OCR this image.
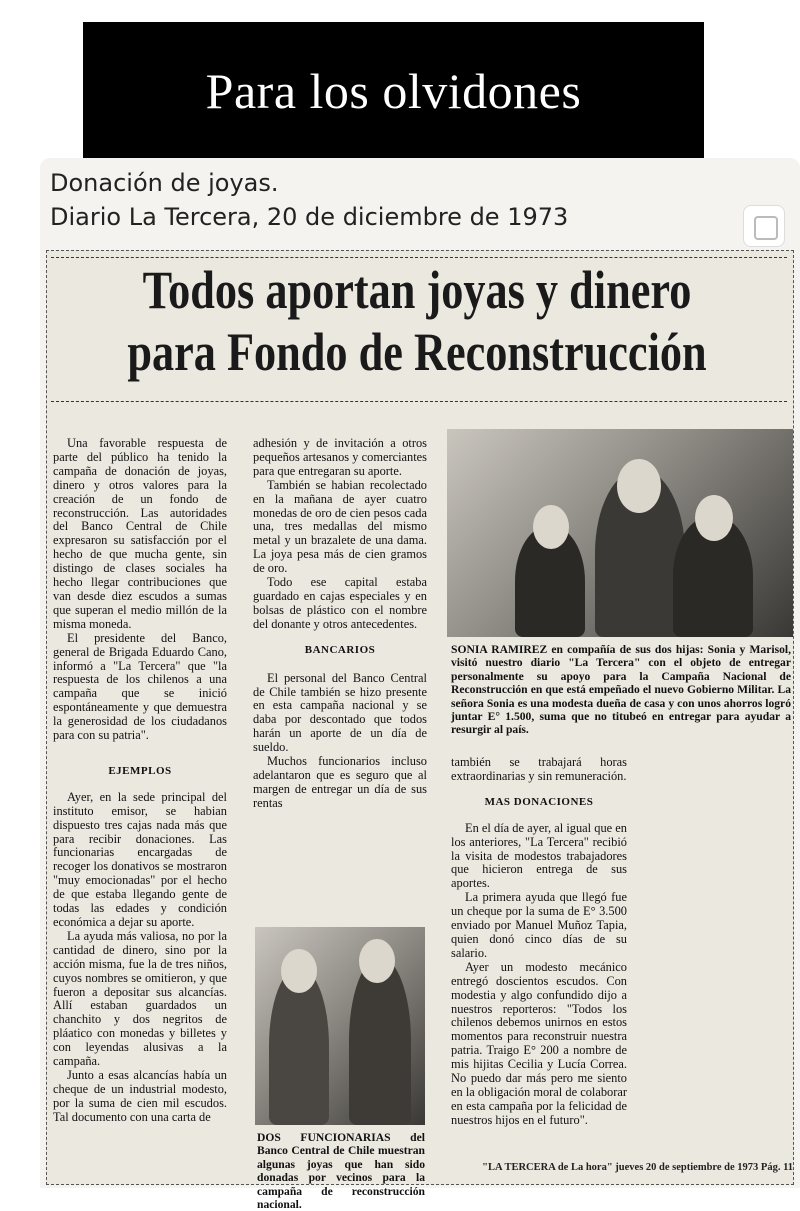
Para los olvidones
Donación de joyas.
Diario La Tercera, 20 de diciembre de 1973
Todos aportan joyas y dinero
para Fondo de Reconstrucción

Una favorable respuesta de parte del público ha tenido la campaña de donación de joyas, dinero y otros valores para la creación de un fondo de reconstrucción. Las autoridades del Banco Central de Chile expresaron su satisfacción por el hecho de que mucha gente, sin distingo de clases sociales ha hecho llegar contribuciones que van desde diez escudos a sumas que superan el medio millón de la misma moneda.

El presidente del Banco, general de Brigada Eduardo Cano, informó a "La Tercera" que "la respuesta de los chilenos a una campaña que se inició espontáneamente y que demuestra la generosidad de los ciudadanos para con su patria".

EJEMPLOS

Ayer, en la sede principal del instituto emisor, se habian dispuesto tres cajas nada más que para recibir donaciones. Las funcionarias encargadas de recoger los donativos se mostraron "muy emocionadas" por el hecho de que estaba llegando gente de todas las edades y condición económica a dejar su aporte.

La ayuda más valiosa, no por la cantidad de dinero, sino por la acción misma, fue la de tres niños, cuyos nombres se omitieron, y que fueron a depositar sus alcancías. Allí estaban guardados un chanchito y dos negritos de pláatico con monedas y billetes y con leyendas alusivas a la campaña.

Junto a esas alcancías había un cheque de un industrial modesto, por la suma de cien mil escudos. Tal documento con una carta de

adhesión y de invitación a otros pequeños artesanos y comerciantes para que entregaran su aporte.

También se habian recolectado en la mañana de ayer cuatro monedas de oro de cien pesos cada una, tres medallas del mismo metal y un brazalete de una dama. La joya pesa más de cien gramos de oro.

Todo ese capital estaba guardado en cajas especiales y en bolsas de plástico con el nombre del donante y otros antecedentes.

BANCARIOS

El personal del Banco Central de Chile también se hizo presente en esta campaña nacional y se daba por descontado que todos harán un aporte de un día de sueldo.

Muchos funcionarios incluso adelantaron que es seguro que al margen de entregar un día de sus rentas

SONIA RAMIREZ en compañía de sus dos hijas: Sonia y Marisol, visitó nuestro diario "La Tercera" con el objeto de entregar personalmente su apoyo para la Campaña Nacional de Reconstrucción en que está empeñado el nuevo Gobierno Militar. La señora Sonia es una modesta dueña de casa y con unos ahorros logró juntar E° 1.500, suma que no titubeó en entregar para ayudar a resurgir al país.

también se trabajará horas extraordinarias y sin remuneración.

MAS DONACIONES

En el día de ayer, al igual que en los anteriores, "La Tercera" recibió la visita de modestos trabajadores que hicieron entrega de sus aportes.

La primera ayuda que llegó fue un cheque por la suma de E° 3.500 enviado por Manuel Muñoz Tapia, quien donó cinco días de su salario.

Ayer un modesto mecánico entregó doscientos escudos. Con modestia y algo confundido dijo a nuestros reporteros: "Todos los chilenos debemos unirnos en estos momentos para reconstruir nuestra patria. Traigo E° 200 a nombre de mis hijitas Cecilia y Lucía Correa. No puedo dar más pero me siento en la obligación moral de colaborar en esta campaña por la felicidad de nuestros hijos en el futuro".

DOS FUNCIONARIAS del Banco Central de Chile muestran algunas joyas que han sido donadas por vecinos para la campaña de reconstrucción nacional.
"LA TERCERA de La hora" jueves 20 de septiembre de 1973 Pág. 11
